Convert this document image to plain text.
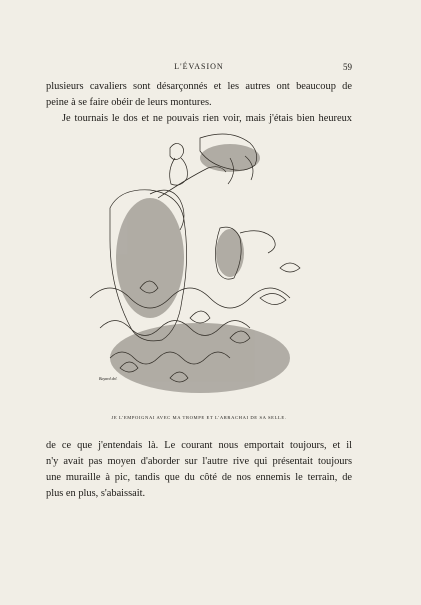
L'ÉVASION	59
plusieurs cavaliers sont désarçonnés et les autres ont beaucoup de
peine à se faire obéir de leurs montures.
Je tournais le dos et ne pouvais rien voir, mais j'étais bien heureux
Bayard del.
JE L'EMPOIGNAI AVEC MA TROMPE ET L'ARRACHAI DE SA SELLE.
de ce que j'entendais là. Le courant nous emportait toujours, et il
n'y avait pas moyen d'aborder sur l'autre rive qui présentait toujours
une muraille à pic, tandis que du côté de nos ennemis le terrain, de
plus en plus, s'abaissait.
